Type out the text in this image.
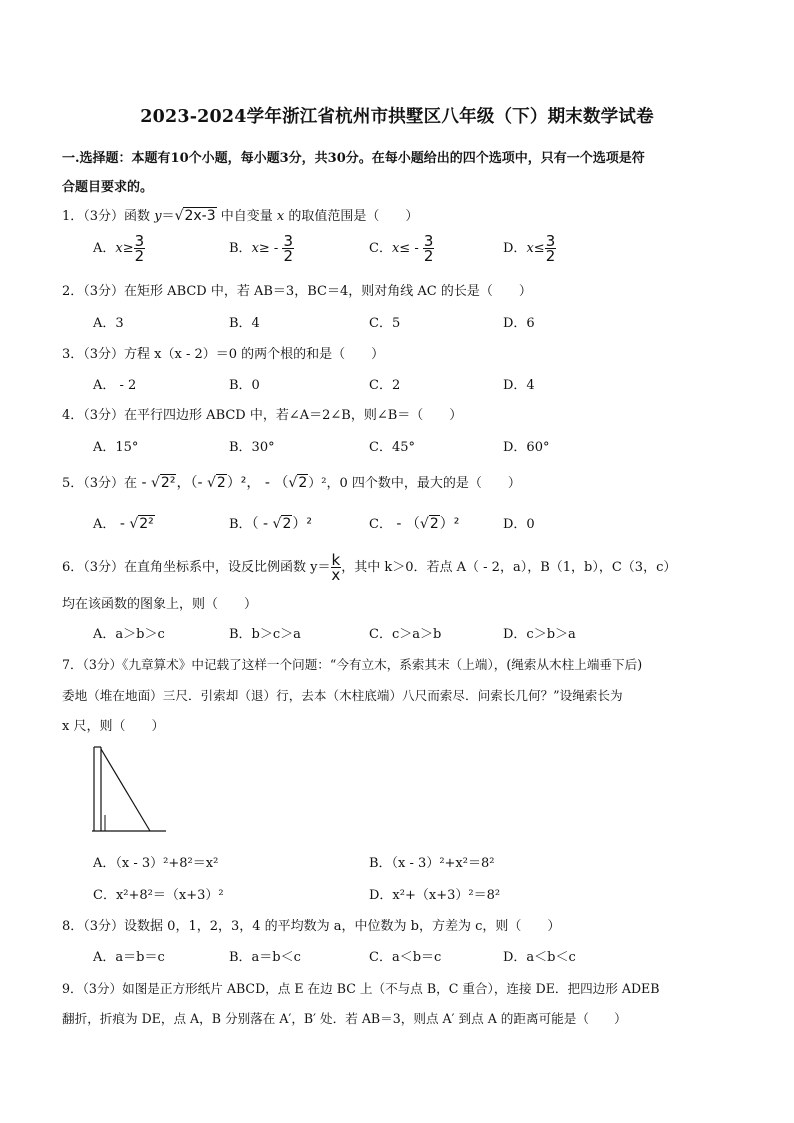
2023-2024学年浙江省杭州市拱墅区八年级（下）期末数学试卷
一.选择题：本题有10个小题，每小题3分，共30分。在每小题给出的四个选项中，只有一个选项是符
合题目要求的。
1．（3分）函数 y＝√2x-3 中自变量 x 的取值范围是（　　）
A．$x\ge \frac{3}{2}$	B．$x\ge - \frac{3}{2}$	C．$x\le - \frac{3}{2}$	D．$x\le \frac{3}{2}$
2．（3分）在矩形 ABCD 中，若 AB＝3，BC＝4，则对角线 AC 的长是（　　）
A．3	B．4	C．5	D．6
3．（3分）方程 x（x - 2）＝0 的两个根的和是（　　）
A． - 2	B．0	C．2	D．4
4．（3分）在平行四边形 ABCD 中，若∠A＝2∠B，则∠B＝（　　）
A．15°	B．30°	C．45°	D．60°
5．（3分）在 - √2²，（- √2）²， - （√2）²，0 四个数中，最大的是（　　）
A． - √2²	B．（ - √2）²	C． - （√2）²	D．0
6．（3分）在直角坐标系中，设反比例函数 $y= \frac{k}{x}$ ，其中 k＞0．若点 A（ - 2，a），B（1，b），C（3，c）
均在该函数的图象上，则（　　）
A．a＞b＞c	B．b＞c＞a	C．c＞a＞b	D．c＞b＞a
7．（3分）《九章算术》中记载了这样一个问题：“今有立木，系索其末（上端），(绳索从木柱上端垂下后)
委地（堆在地面）三尺．引索却（退）行，去本（木柱底端）八尺而索尽．问索长几何？”设绳索长为
x 尺，则（　　）
A．（x - 3）²+8²＝x²	B．（x - 3）²+x²＝8²
C．x²+8²＝（x+3）²	D．x²+（x+3）²＝8²
8．（3分）设数据 0，1，2，3，4 的平均数为 a，中位数为 b，方差为 c，则（　　）
A．a＝b＝c	B．a＝b＜c	C．a＜b＝c	D．a＜b＜c
9．（3分）如图是正方形纸片 ABCD，点 E 在边 BC 上（不与点 B，C 重合），连接 DE．把四边形 ADEB
翻折，折痕为 DE，点 A，B 分别落在 A′，B′ 处．若 AB＝3，则点 A′ 到点 A 的距离可能是（　　）
